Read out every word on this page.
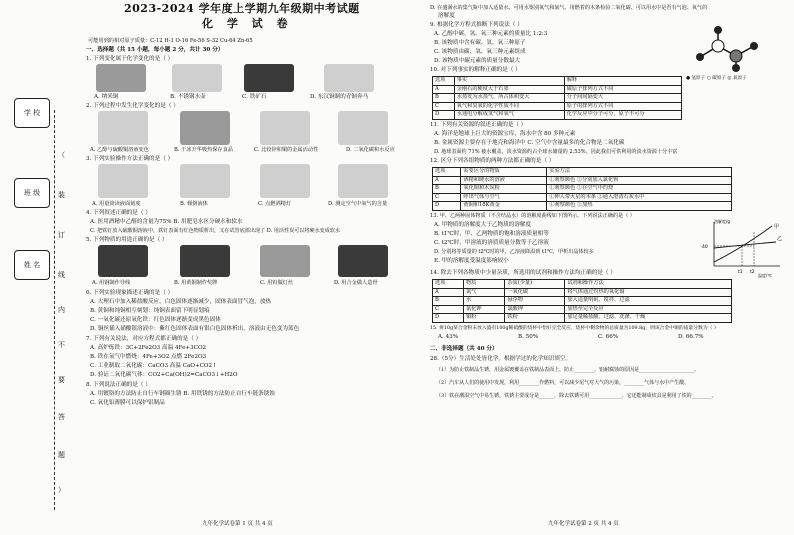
学 校
班 级
姓 名
（
装
订
线
内
不
要
答
题
）
2023-2024 学年度上学期九年级期中考试题
化 学 试 卷
可能用到的相对原子质量：C-12 H-1 O-16 Fe-56 S-32 Cu-64 Zn-65
一、选择题（共 15 小题，每小题 2 分，共计 30 分）
1. 下列变化属于化学变化的是（ ）
A. 纳米铜	B. 不锈钢水壶	C. 铁矿石	D. 东汉铜制的青铜奔马
2. 下列过程中发生化学变化的是（ ）
A. 乙醇与硫酸铜溶液变色	B. 干冰升华吸热保存食品	C. 比较锌和铜的金属活动性	D. 二氧化碳和水反应
3. 下列实验操作方法正确的是（ ）
A. 用量筒读液面刻度	B. 倾倒液体	C. 点燃酒精灯	D. 测定空气中氧气的含量
4. 下列叙述正确的是（ ）
A. 医用酒精中乙醇的含量为75% B. 用肥皂水区分硬水和软水
C. 把铁钉放入硫酸铜溶液中，铁钉表面有红色物质析出，又在试管底部出现了 D. 用活性炭可以将硬水变成软水
5. 下列物质的用途正确的是（ ）
A. 用钢制作导线	B. 用黄铜制作奖牌	C. 用钨做灯丝	D. 用合金做人造骨
6. 下列实验现象描述正确的是（ ）
A. 大理石中加入稀盐酸反应，白色固体逐渐减少，固体表面冒气泡，放热
B. 黄铜和纯铜相互刻划：纯铜表面留下明显划痕
C. 一氧化碳还原氧化铁：红色固体逐渐变成黑色固体
D. 铜丝插入硝酸银溶液中：紫红色固体表面有银白色固体析出，溶液由无色变为蓝色
7. 下列有关说法，对应方程式都正确的是（ ）
A. 高炉炼铁：3C+2Fe2O3 高温 4Fe+3CO2
B. 铁在氧气中燃烧：4Fe+3O2 点燃 2Fe2O3
C. 工业制取二氧化碳：CaCO3 高温 CaO+CO2↑
D. 验证二氧化碳气体：CO2+Ca(OH)2=CaCO3↓+H2O
8. 下列说法正确的是（ ）
A. 用镀铬的方法防止自行车钢圈生锈 B. 用铁锈的方法防止自行车链条锈蚀
C. 氧化铝薄膜可以保护铝制品
九年化学试卷第 1 页 共 4 页
D. 在盛满水的集气瓶中加入适量水、可用水鉴别氧气和氮气、用燃着的木条检验二氧化碳、可以用水中是否有气泡、氧气的
溶解度
9. 根据化学方程式推断下列说法（ ）
A. 乙醇中碳、氢、氧三种元素的质量比 1:2:3
B. 该物质中含有碳、氢、氧三种原子
C. 该物质由碳、氢、氧三种元素组成
D. 该物质中碳元素的质量分数最大
● 氢原子 ○ 碳原子 ◎ 氧原子
10. 对下列事实的解释正确的是（ ）
选项	事实	解释
A	金刚石的硬度大于石墨	碳原子排列方式不同
B	水蒸发为水蒸气，所占体积变大	分子间间隔变大
C	氧气和臭氧的化学性质不同	原子的排列方式不同
D	水通电分解成氢气和氧气	化学反应中分子可分，原子不可分
11. 下列有关资源的叙述正确的是（ ）
A. 海洋是地球上巨大的资源宝库，海水中含 80 多种元素
B. 金属资源主要存在于地壳和海洋中 C. 空气中含量最多的化合物是二氧化碳
D. 地球表面约 71% 被水覆盖，淡水资源约占全球水储量的 2.53%，因此我们可供利用的淡水资源十分丰富
12. 区分下列各组物质的两种方法都正确的是（ ）
选项	需要区分的物质	实验方法
A	酒精和硬水的溶液	①观察颜色 ②分别加入氯化钡
B	氧化铜和木炭粉	①观察颜色 ②在空气中灼烧
C	呼出气体与空气	①伸入带火星的木条 ②通入澄清石灰水中
D	黄铜和18K黄金	①观察颜色 ②加热
13. 甲、乙两种固体物质（不含结晶水）的溶解度曲线如下图所示。下列说法正确的是（ ）
A. 甲物质的溶解度大于乙物质的溶解度
B. t1℃时，甲、乙两物质的饱和溶液质量相等
C. t2℃时，甲溶液的溶质质量分数等于乙溶液
D. 分别将等质量的 t2℃时的甲、乙溶液降温到 t1℃，甲析出晶体较多
E. 甲的溶解度受温度影响较小
甲
乙
40
t1 t2
溶解度/g
温度/℃
14. 除去下列各物质中少量杂质，所选用的试剂和操作方法均正确的是（ ）
选项	物质	杂质(少量)	试剂和操作方法
A	氮气	一氧化碳	将气体通过灼热的氧化铜
B	水	悬浮物	加入适量明矾、搅拌、过滤
C	氯化钾	氯酸钾	加热至完全反应
D	铜粉	铁粉	加足量稀盐酸、过滤、洗涤、干燥
15. 将10g某合金粉末放入盛有100g稀硫酸的烧杯中恰好完全反应，烧杯中剩余物的总质量为109.8g，则该合金中铜的质量分数为（ ）
A. 43%	B. 50%	C. 66%	D. 66.7%
二、非选择题（共 40 分）
28.（5分）生活处处皆化学。根据学过的化学知识填空。
（1）为防止铁制品生锈，用金属镀覆盖在铁制品表面上，防止________。铝耐腐蚀的原因是______________________。
（2）汽车从人们的使用中发现，利用________作燃料，可以减少尾气对大气的污染，________气体与水中产生酸。
（3）铁在潮湿空气中易生锈，铁锈主要成分是______，除去铁锈可用_____________，它还能制成炊具是利用了铁的________。
九年化学试卷第 2 页 共 4 页
